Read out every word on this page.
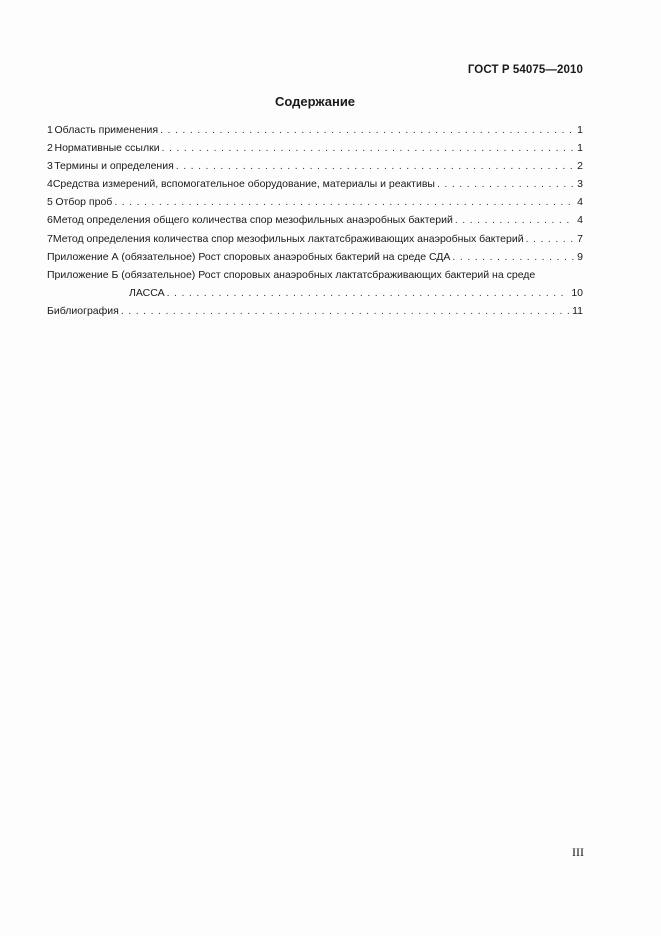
ГОСТ Р 54075—2010
Содержание
1 Область применения . . .	1
2 Нормативные ссылки . . .	1
3 Термины и определения . . .	2
4 Средства измерений, вспомогательное оборудование, материалы и реактивы . . .	3
5 Отбор проб . . .	4
6 Метод определения общего количества спор мезофильных анаэробных бактерий . . .	4
7 Метод определения количества спор мезофильных лактатсбраживающих анаэробных бактерий . . .	7
Приложение А (обязательное) Рост споровых анаэробных бактерий на среде СДА . . .	9
Приложение Б (обязательное) Рост споровых анаэробных лактатсбраживающих бактерий на среде
ЛАССА . . .	10
Библиография . . .	11
III
